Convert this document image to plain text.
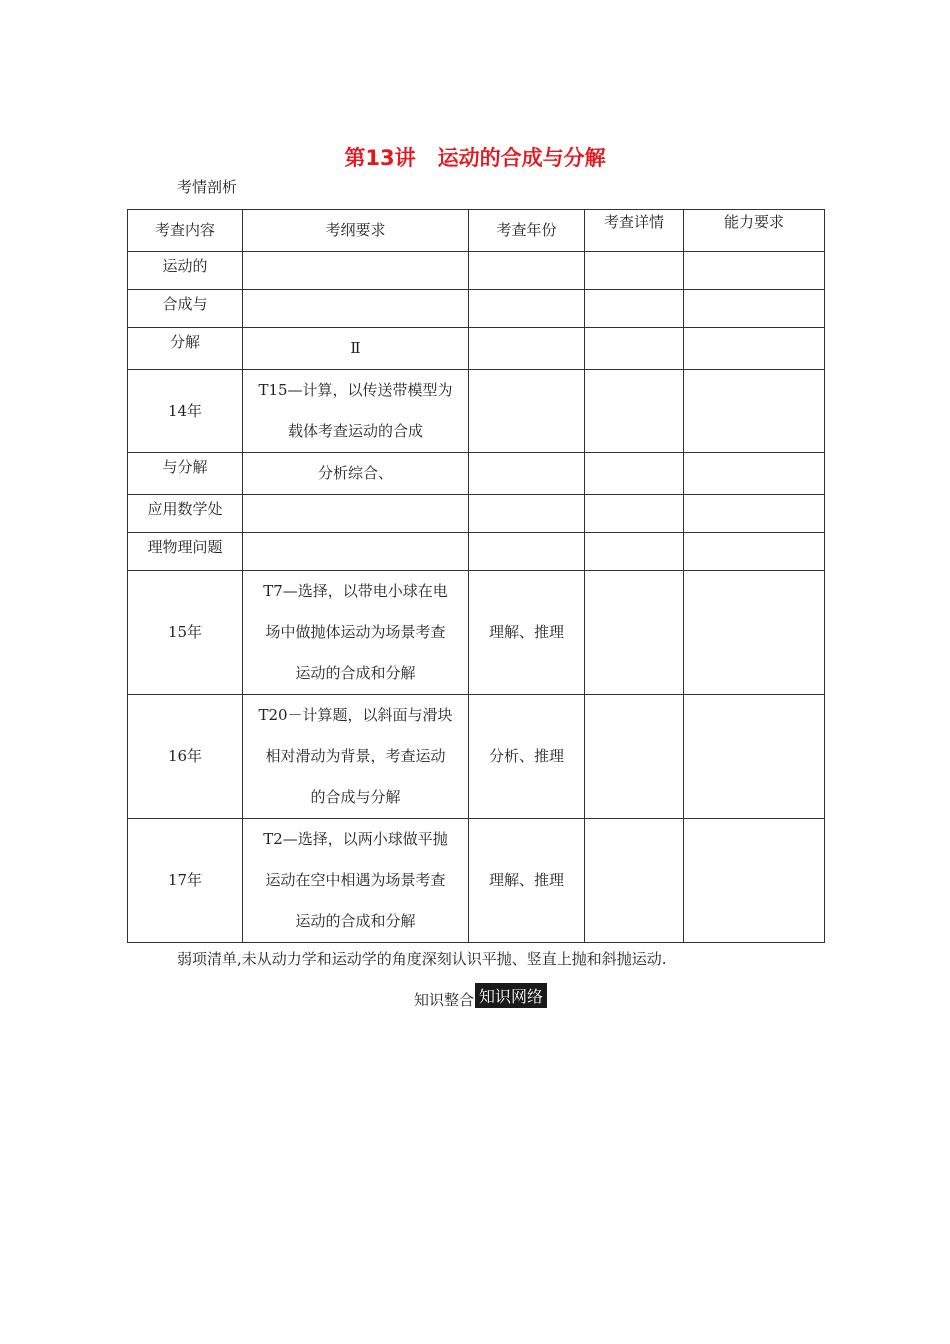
第13讲 运动的合成与分解
考情剖析
考查内容	考纲要求	考查年份	考查详情	能力要求
运动的				
合成与				
分解	Ⅱ			
14年	T15—计算，以传送带模型为
载体考查运动的合成			

与分解	分析综合、			
应用数学处				
理物理问题				
15年	T7—选择，以带电小球在电
场中做抛体运动为场景考查
运动的合成和分解	理解、推理		
16年	T20－计算题，以斜面与滑块
相对滑动为背景，考查运动
的合成与分解	分析、推理		
17年	T2—选择，以两小球做平抛
运动在空中相遇为场景考查
运动的合成和分解	理解、推理		
弱项清单,未从动力学和运动学的角度深刻认识平抛、竖直上抛和斜抛运动.
知识整合 知识网络
